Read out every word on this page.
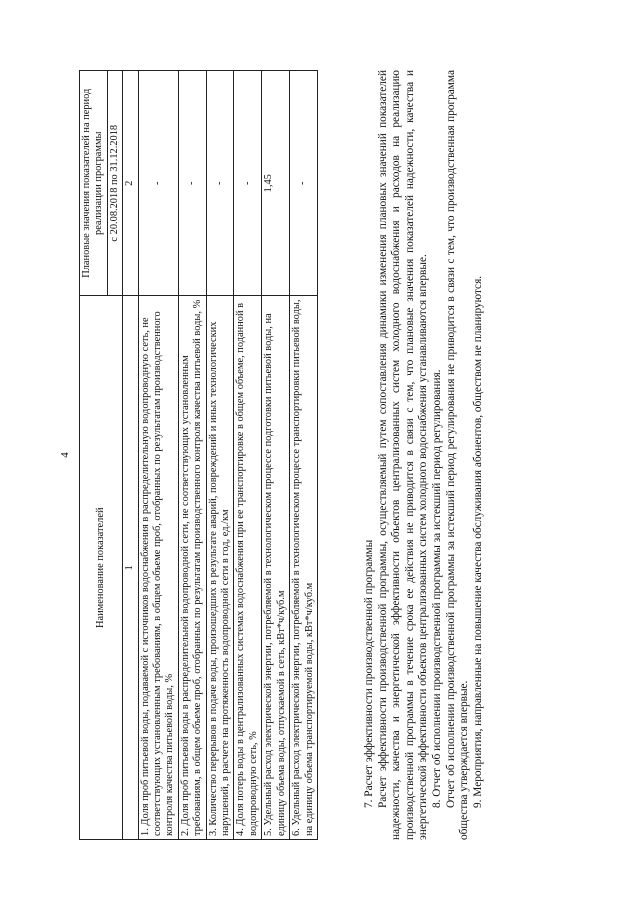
4
Наименование показателей	Плановые значения показателей на период реализации программы
	с 20.08.2018 по 31.12.2018
1	2
1. Доля проб питьевой воды, подаваемой с источников водоснабжения в распределительную водопроводную сеть, не соответствующих установленным требованиям, в общем объеме проб, отобранных по результатам производственного контроля качества питьевой воды, %	-
2. Доля проб питьевой воды в распределительной водопроводной сети, не соответствующих установленным требованиям, в общем объеме проб, отобранных по результатам производственного контроля качества питьевой воды, %	-
3. Количество перерывов в подаче воды, произошедших в результате аварий, повреждений и иных технологических нарушений, в расчете на протяженность водопроводной сети в год, ед./км	-
4. Доля потерь воды в централизованных системах водоснабжения при ее транспортировке в общем объеме, поданной в водопроводную сеть, %	-
5. Удельный расход электрической энергии, потребляемой в технологическом процессе подготовки питьевой воды, на единицу объема воды, отпускаемой в сеть, кВт*ч/куб.м	1,45
6. Удельный расход электрической энергии, потребляемой в технологическом процессе транспортировки питьевой воды, на единицу объема транспортируемой воды, кВт*ч/куб.м	-

7. Расчет эффективности производственной программы Расчет эффективности производственной программы, осуществляемый путем сопоставления динамики изменения плановых значений показателей надежности, качества и энергетической эффективности объектов централизованных систем холодного водоснабжения и расходов на реализацию производственной программы в течение срока ее действия не приводится в связи с тем, что плановые значения показателей надежности, качества и энергетической эффективности объектов централизованных систем холодного водоснабжения устанавливаются впервые. 8. Отчет об исполнении производственной программы за истекший период регулирования. Отчет об исполнении производственной программы за истекший период регулирования не приводится в связи с тем, что производственная программа общества утверждается впервые. 9. Мероприятия, направленные на повышение качества обслуживания абонентов, обществом не планируются.
